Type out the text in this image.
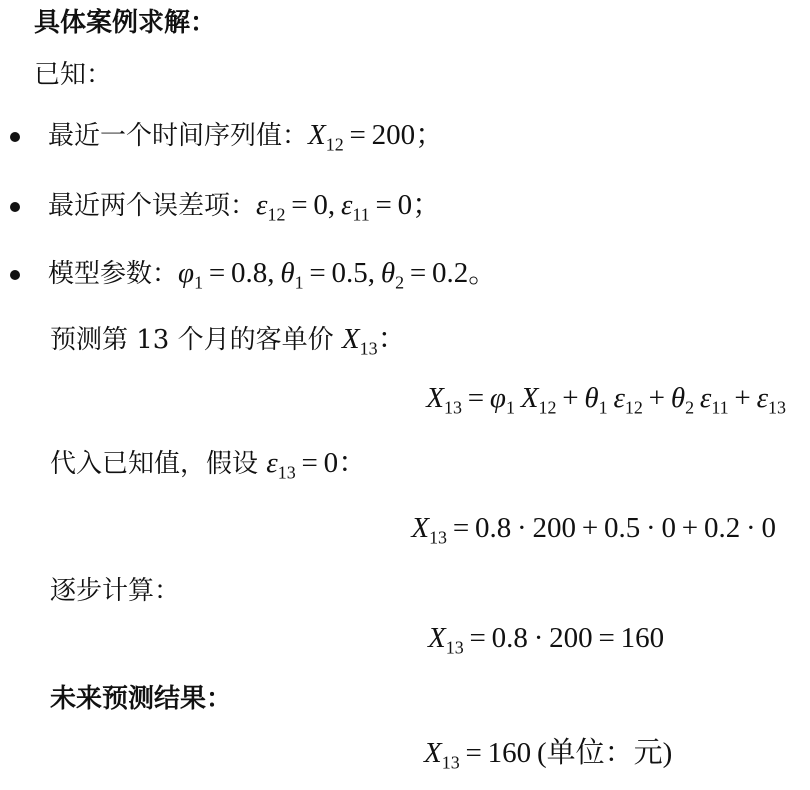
具体案例求解：
已知：
最近一个时间序列值：$X_{12} = 200$；
最近两个误差项：$\varepsilon_{12} = 0$, $\varepsilon_{11} = 0$；
模型参数：$\varphi_1 = 0.8$, $\theta_1 = 0.5$, $\theta_2 = 0.2$。
预测第 13 个月的客单价 $X_{13}$：
$X_{13} = \varphi_1$  $X_{12} + \theta_1$  $\varepsilon_{12} + \theta_2$  $\varepsilon_{11} + \varepsilon_{13}$
代入已知值，假设 $\varepsilon_{13} = 0$：
$X_{13} = 0.8 \cdot 200 + 0.5 \cdot 0 + 0.2 \cdot 0$
逐步计算：
$X_{13} = 0.8 \cdot 200 = 160$
未来预测结果：
$X_{13} = 160$ (单位：元)
